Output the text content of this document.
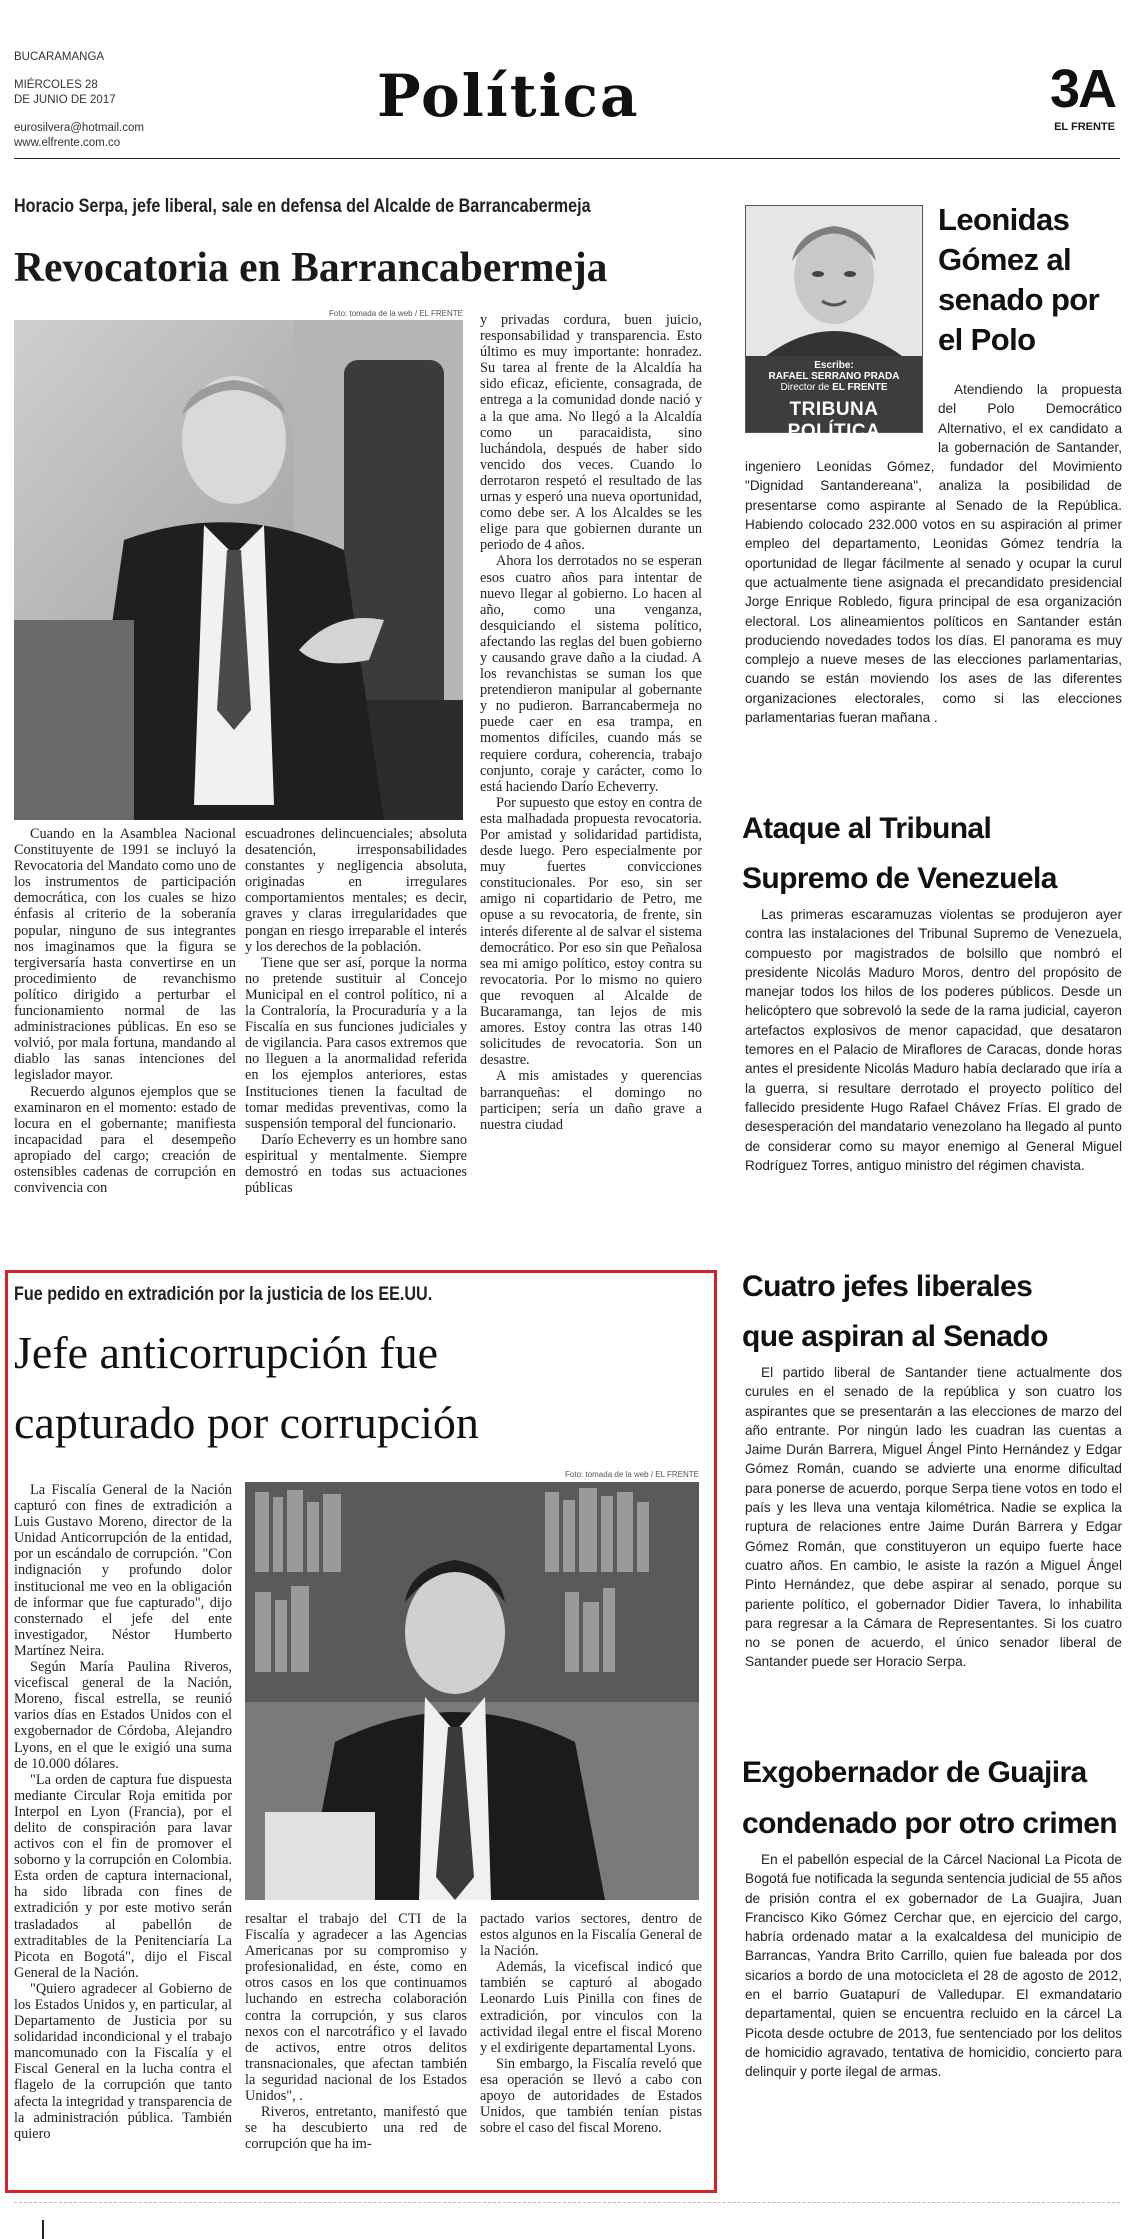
BUCARAMANGA
MIÉRCOLES 28
DE JUNIO DE 2017
eurosilvera@hotmail.com
www.elfrente.com.co
Política	3A
EL FRENTE
Horacio Serpa, jefe liberal, sale en defensa del Alcalde de Barrancabermeja
Revocatoria en Barrancabermeja
Foto: tomada de la web / EL FRENTE

Cuando en la Asamblea Nacional Constituyente de 1991 se incluyó la Revocatoria del Mandato como uno de los instrumentos de participación democrática, con los cuales se hizo énfasis al criterio de la soberanía popular, ninguno de sus integrantes nos imaginamos que la figura se tergiversaría hasta convertirse en un procedimiento de revanchismo político dirigido a perturbar el funcionamiento normal de las administraciones públicas. En eso se volvió, por mala fortuna, mandando al diablo las sanas intenciones del legislador mayor.

Recuerdo algunos ejemplos que se examinaron en el momento: estado de locura en el gobernante; manifiesta incapacidad para el desempeño apropiado del cargo; creación de ostensibles cadenas de corrupción en convivencia con

escuadrones delincuenciales; absoluta desatención, irresponsabilidades constantes y negligencia absoluta, originadas en irregulares comportamientos mentales; es decir, graves y claras irregularidades que pongan en riesgo irreparable el interés y los derechos de la población.

Tiene que ser así, porque la norma no pretende sustituir al Concejo Municipal en el control político, ni a la Contraloría, la Procuraduría y a la Fiscalía en sus funciones judiciales y de vigilancia. Para casos extremos que no lleguen a la anormalidad referida en los ejemplos anteriores, estas Instituciones tienen la facultad de tomar medidas preventivas, como la suspensión temporal del funcionario.

Darío Echeverry es un hombre sano espiritual y mentalmente. Siempre demostró en todas sus actuaciones públicas

y privadas cordura, buen juicio, responsabilidad y transparencia. Esto último es muy importante: honradez. Su tarea al frente de la Alcaldía ha sido eficaz, eficiente, consagrada, de entrega a la comunidad donde nació y a la que ama. No llegó a la Alcaldía como un paracaidista, sino luchándola, después de haber sido vencido dos veces. Cuando lo derrotaron respetó el resultado de las urnas y esperó una nueva oportunidad, como debe ser. A los Alcaldes se les elige para que gobiernen durante un periodo de 4 años.

Ahora los derrotados no se esperan esos cuatro años para intentar de nuevo llegar al gobierno. Lo hacen al año, como una venganza, desquiciando el sistema político, afectando las reglas del buen gobierno y causando grave daño a la ciudad. A los revanchistas se suman los que pretendieron manipular al gobernante y no pudieron. Barrancabermeja no puede caer en esa trampa, en momentos difíciles, cuando más se requiere cordura, coherencia, trabajo conjunto, coraje y carácter, como lo está haciendo Darío Echeverry.

Por supuesto que estoy en contra de esta malhadada propuesta revocatoria. Por amistad y solidaridad partidista, desde luego. Pero especialmente por muy fuertes convicciones constitucionales. Por eso, sin ser amigo ni copartidario de Petro, me opuse a su revocatoria, de frente, sin interés diferente al de salvar el sistema democrático. Por eso sin que Peñalosa sea mi amigo político, estoy contra su revocatoria. Por lo mismo no quiero que revoquen al Alcalde de Bucaramanga, tan lejos de mis amores. Estoy contra las otras 140 solicitudes de revocatoria. Son un desastre.

A mis amistades y querencias barranqueñas: el domingo no participen; sería un daño grave a nuestra ciudad

Escribe:
RAFAEL SERRANO PRADA
Director de EL FRENTE
TRIBUNA POLÍTICA
Leonidas Gómez al senado por el Polo

Atendiendo la propuesta del Polo Democrático Alternativo, el ex candidato a la gobernación de Santander, ingeniero Leonidas Gómez, fundador del Movimiento "Dignidad Santandereana", analiza la posibilidad de presentarse como aspirante al Senado de la República. Habiendo colocado 232.000 votos en su aspiración al primer empleo del departamento, Leonidas Gómez tendría la oportunidad de llegar fácilmente al senado y ocupar la curul que actualmente tiene asignada el precandidato presidencial Jorge Enrique Robledo, figura principal de esa organización electoral. Los alineamientos políticos en Santander están produciendo novedades todos los días. El panorama es muy complejo a nueve meses de las elecciones parlamentarias, cuando se están moviendo los ases de las diferentes organizaciones electorales, como si las elecciones parlamentarias fueran mañana .

Ataque al Tribunal
Supremo de Venezuela

Las primeras escaramuzas violentas se produjeron ayer contra las instalaciones del Tribunal Supremo de Venezuela, compuesto por magistrados de bolsillo que nombró el presidente Nicolás Maduro Moros, dentro del propósito de manejar todos los hilos de los poderes públicos. Desde un helicóptero que sobrevoló la sede de la rama judicial, cayeron artefactos explosivos de menor capacidad, que desataron temores en el Palacio de Miraflores de Caracas, donde horas antes el presidente Nicolás Maduro había declarado que iría a la guerra, si resultare derrotado el proyecto político del fallecido presidente Hugo Rafael Chávez Frías. El grado de desesperación del mandatario venezolano ha llegado al punto de considerar como su mayor enemigo al General Miguel Rodríguez Torres, antiguo ministro del régimen chavista.

Cuatro jefes liberales
que aspiran al Senado

El partido liberal de Santander tiene actualmente dos curules en el senado de la república y son cuatro los aspirantes que se presentarán a las elecciones de marzo del año entrante. Por ningún lado les cuadran las cuentas a Jaime Durán Barrera, Miguel Ángel Pinto Hernández y Edgar Gómez Román, cuando se advierte una enorme dificultad para ponerse de acuerdo, porque Serpa tiene votos en todo el país y les lleva una ventaja kilométrica. Nadie se explica la ruptura de relaciones entre Jaime Durán Barrera y Edgar Gómez Román, que constituyeron un equipo fuerte hace cuatro años. En cambio, le asiste la razón a Miguel Ángel Pinto Hernández, que debe aspirar al senado, porque su pariente político, el gobernador Didier Tavera, lo inhabilita para regresar a la Cámara de Representantes. Si los cuatro no se ponen de acuerdo, el único senador liberal de Santander puede ser Horacio Serpa.

Exgobernador de Guajira
condenado por otro crimen

En el pabellón especial de la Cárcel Nacional La Picota de Bogotá fue notificada la segunda sentencia judicial de 55 años de prisión contra el ex gobernador de La Guajira, Juan Francisco Kiko Gómez Cerchar que, en ejercicio del cargo, habría ordenado matar a la exalcaldesa del municipio de Barrancas, Yandra Brito Carrillo, quien fue baleada por dos sicarios a bordo de una motocicleta el 28 de agosto de 2012, en el barrio Guatapurí de Valledupar. El exmandatario departamental, quien se encuentra recluido en la cárcel La Picota desde octubre de 2013, fue sentenciado por los delitos de homicidio agravado, tentativa de homicidio, concierto para delinquir y porte ilegal de armas.

Fue pedido en extradición por la justicia de los EE.UU.
Jefe anticorrupción fue
capturado por corrupción
Foto: tomada de la web / EL FRENTE

La Fiscalía General de la Nación capturó con fines de extradición a Luis Gustavo Moreno, director de la Unidad Anticorrupción de la entidad, por un escándalo de corrupción. "Con indignación y profundo dolor institucional me veo en la obligación de informar que fue capturado", dijo consternado el jefe del ente investigador, Néstor Humberto Martínez Neira.

Según María Paulina Riveros, vicefiscal general de la Nación, Moreno, fiscal estrella, se reunió varios días en Estados Unidos con el exgobernador de Córdoba, Alejandro Lyons, en el que le exigió una suma de 10.000 dólares.

"La orden de captura fue dispuesta mediante Circular Roja emitida por Interpol en Lyon (Francia), por el delito de conspiración para lavar activos con el fin de promover el soborno y la corrupción en Colombia. Esta orden de captura internacional, ha sido librada con fines de extradición y por este motivo serán trasladados al pabellón de extraditables de la Penitenciaría La Picota en Bogotá", dijo el Fiscal General de la Nación.

"Quiero agradecer al Gobierno de los Estados Unidos y, en particular, al Departamento de Justicia por su solidaridad incondicional y el trabajo mancomunado con la Fiscalía y el Fiscal General en la lucha contra el flagelo de la corrupción que tanto afecta la integridad y transparencia de la administración pública. También quiero

resaltar el trabajo del CTI de la Fiscalía y agradecer a las Agencias Americanas por su compromiso y profesionalidad, en éste, como en otros casos en los que continuamos luchando en estrecha colaboración contra la corrupción, y sus claros nexos con el narcotráfico y el lavado de activos, entre otros delitos transnacionales, que afectan también la seguridad nacional de los Estados Unidos", .

Riveros, entretanto, manifestó que se ha descubierto una red de corrupción que ha im-

pactado varios sectores, dentro de estos algunos en la Fiscalía General de la Nación.

Además, la vicefiscal indicó que también se capturó al abogado Leonardo Luis Pinilla con fines de extradición, por vinculos con la actividad ilegal entre el fiscal Moreno y el exdirigente departamental Lyons.

Sin embargo, la Fiscalía reveló que esa operación se llevó a cabo con apoyo de autoridades de Estados Unidos, que también tenían pistas sobre el caso del fiscal Moreno.
